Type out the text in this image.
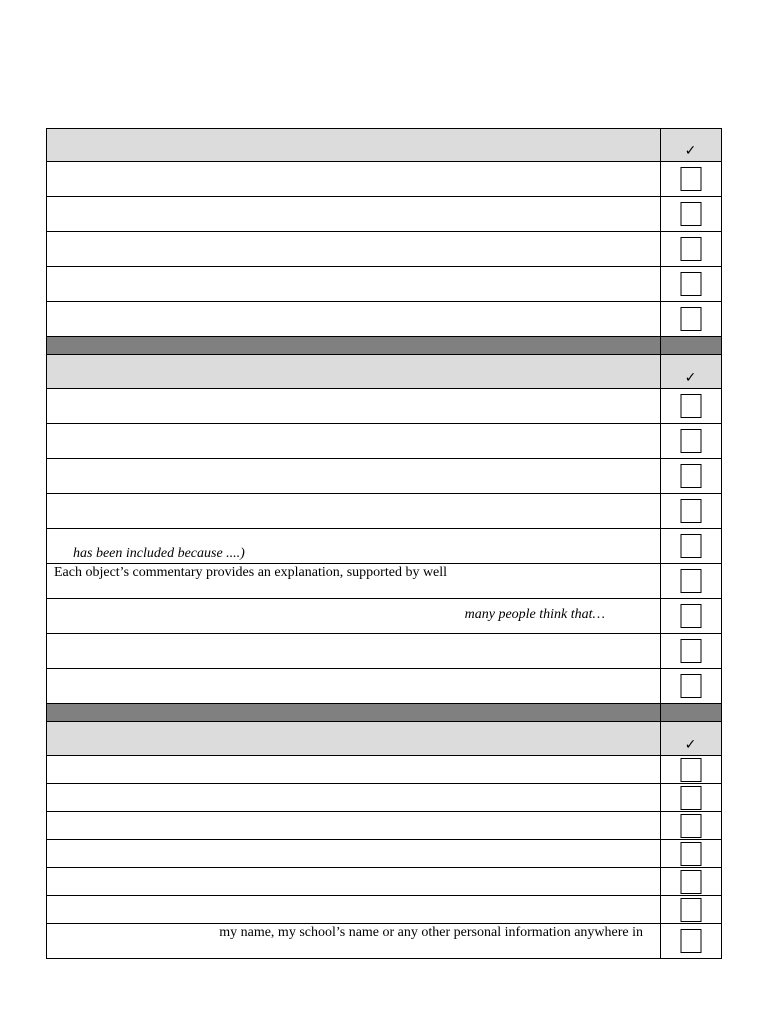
✓
✓
has been included because ....)
Each object’s commentary provides an explanation, supported by well
many people think that…
✓
my name, my school’s name or any other personal information anywhere in
